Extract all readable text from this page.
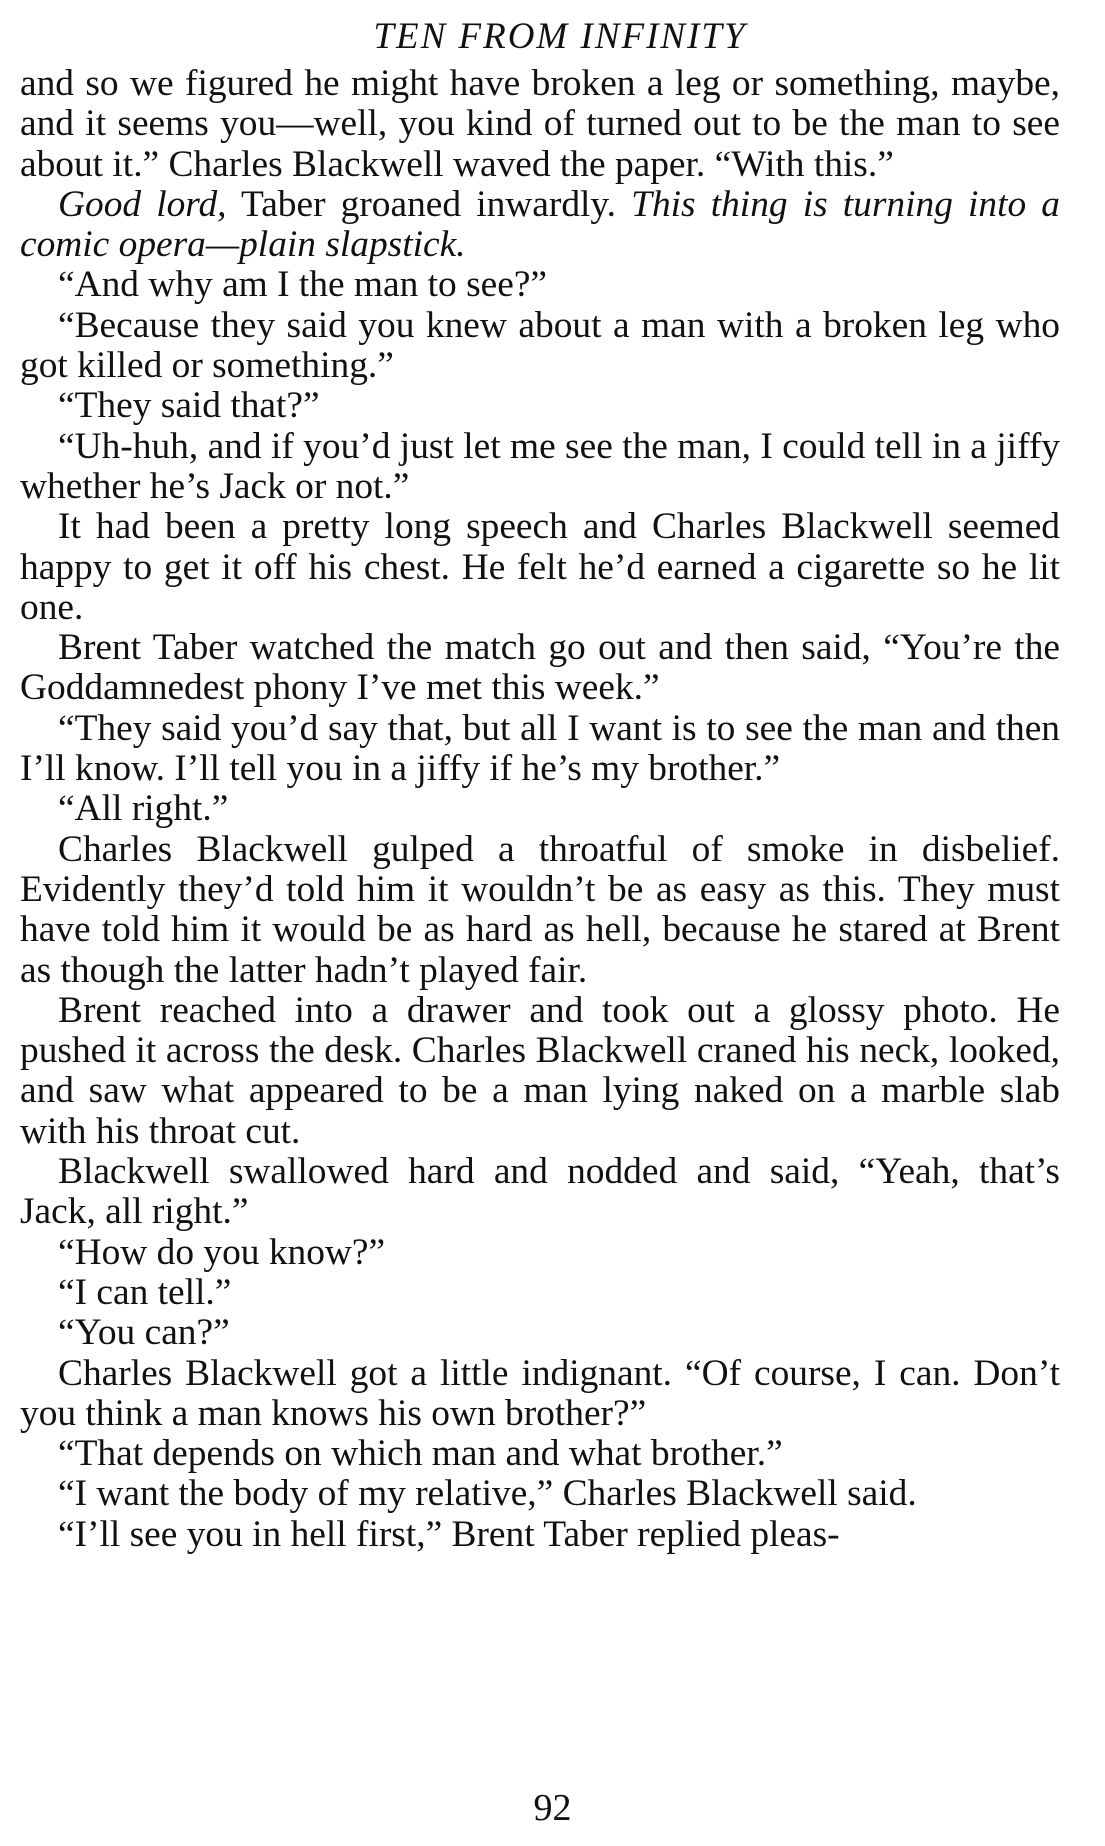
TEN FROM INFINITY

and so we figured he might have broken a leg or something, maybe, and it seems you—well, you kind of turned out to be the man to see about it.” Charles Blackwell waved the paper. “With this.”

Good lord, Taber groaned inwardly. This thing is turning into a comic opera—plain slapstick.

“And why am I the man to see?”

“Because they said you knew about a man with a broken leg who got killed or something.”

“They said that?”

“Uh-huh, and if you’d just let me see the man, I could tell in a jiffy whether he’s Jack or not.”

It had been a pretty long speech and Charles Blackwell seemed happy to get it off his chest. He felt he’d earned a cigarette so he lit one.

Brent Taber watched the match go out and then said, “You’re the Goddamnedest phony I’ve met this week.”

“They said you’d say that, but all I want is to see the man and then I’ll know. I’ll tell you in a jiffy if he’s my brother.”

“All right.”

Charles Blackwell gulped a throatful of smoke in disbelief. Evidently they’d told him it wouldn’t be as easy as this. They must have told him it would be as hard as hell, because he stared at Brent as though the latter hadn’t played fair.

Brent reached into a drawer and took out a glossy photo. He pushed it across the desk. Charles Blackwell craned his neck, looked, and saw what appeared to be a man lying naked on a marble slab with his throat cut.

Blackwell swallowed hard and nodded and said, “Yeah, that’s Jack, all right.”

“How do you know?”

“I can tell.”

“You can?”

Charles Blackwell got a little indignant. “Of course, I can. Don’t you think a man knows his own brother?”

“That depends on which man and what brother.”

“I want the body of my relative,” Charles Blackwell said.

“I’ll see you in hell first,” Brent Taber replied pleas-

92
